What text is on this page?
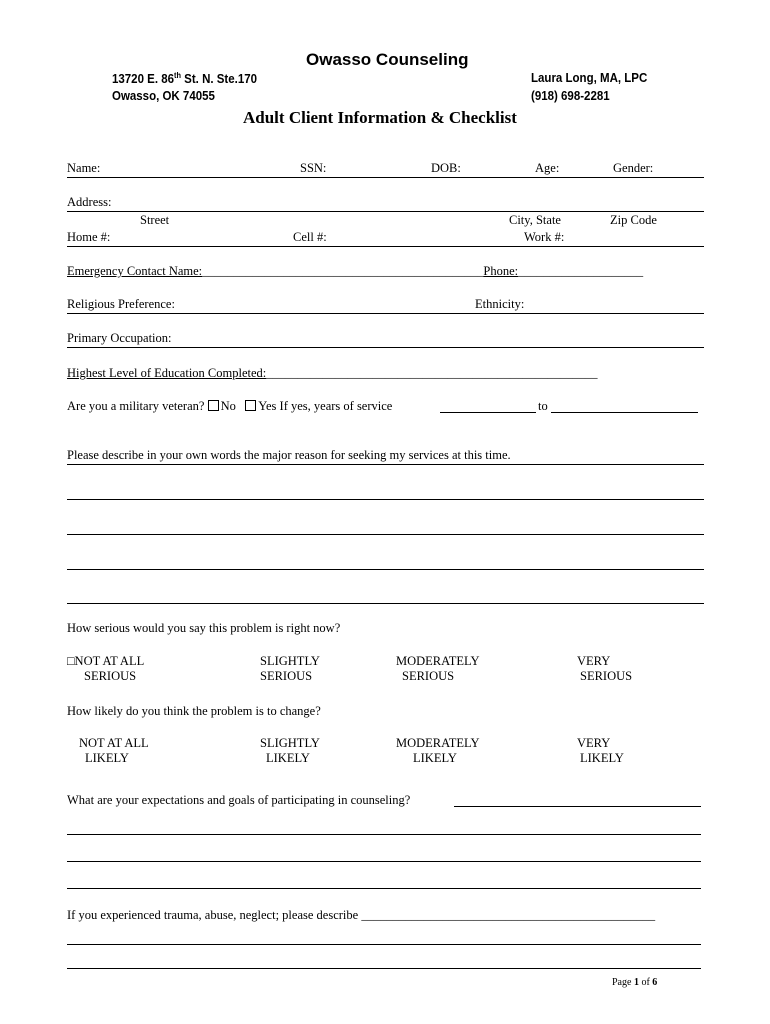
Owasso Counseling
13720 E. 86th St. N. Ste.170
Owasso, OK 74055
Laura Long, MA, LPC
(918) 698-2281
Adult Client Information & Checklist
Name:	SSN:	DOB:	Age:	Gender:
Address:
Street	City, State	Zip Code
Home #:	Cell #:	Work #:
Emergency Contact Name:_____________________________________________Phone:____________________
Religious Preference:	Ethnicity:
Primary Occupation:
Highest Level of Education Completed:_____________________________________________________
Are you a military veteran? No Yes If yes, years of service	to
Please describe in your own words the major reason for seeking my services at this time.
How serious would you say this problem is right now?
□NOT AT ALL
SERIOUS
SLIGHTLY
SERIOUS
MODERATELY
SERIOUS
VERY
SERIOUS
How likely do you think the problem is to change?
NOT AT ALL
LIKELY
SLIGHTLY
LIKELY
MODERATELY
LIKELY
VERY
LIKELY
What are your expectations and goals of participating in counseling?
If you experienced trauma, abuse, neglect; please describe _______________________________________________
Page 1 of 6
